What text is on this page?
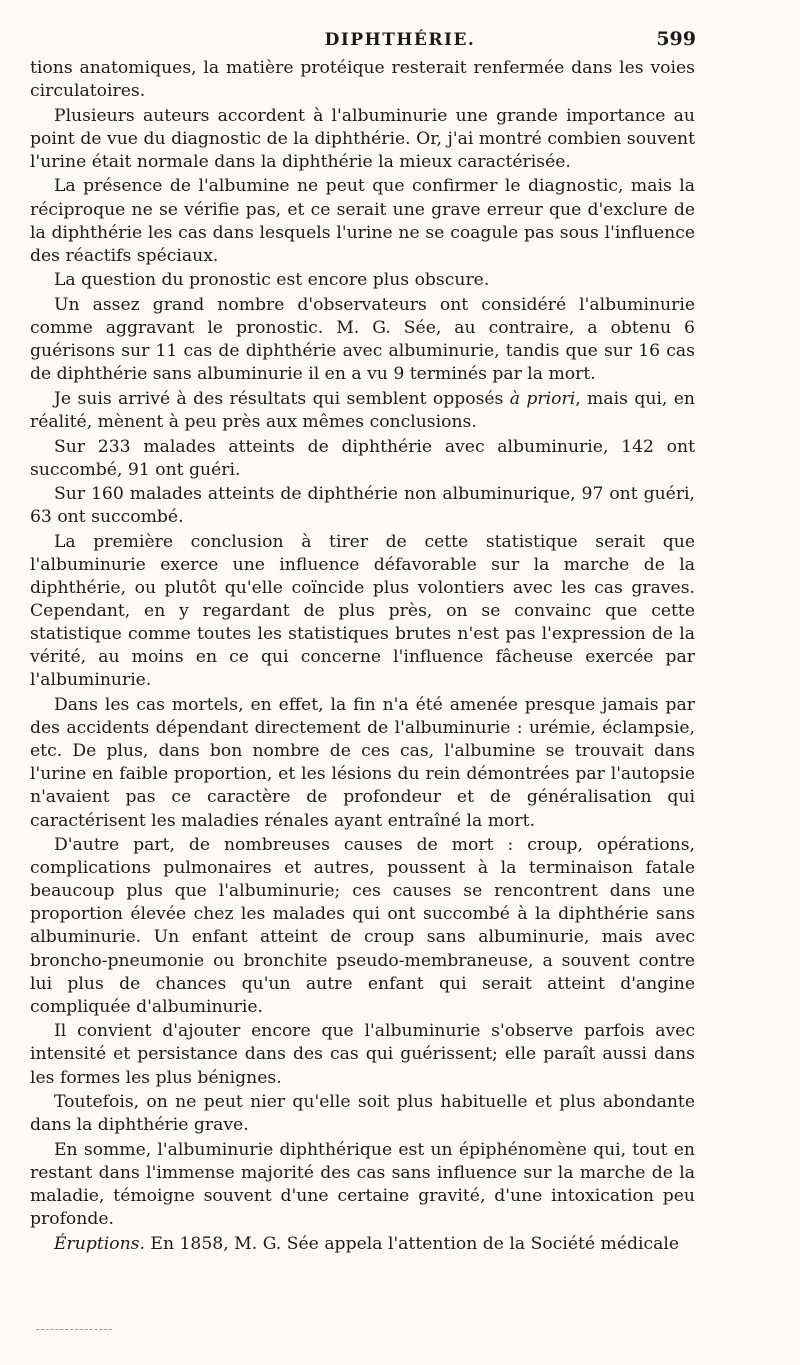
DIPHTHÉRIE.	599

tions anatomiques, la matière protéique resterait renfermée dans les voies circulatoires.

Plusieurs auteurs accordent à l'albuminurie une grande importance au point de vue du diagnostic de la diphthérie. Or, j'ai montré combien souvent l'urine était normale dans la diphthérie la mieux caractérisée.

La présence de l'albumine ne peut que confirmer le diagnostic, mais la réciproque ne se vérifie pas, et ce serait une grave erreur que d'exclure de la diphthérie les cas dans lesquels l'urine ne se coagule pas sous l'influence des réactifs spéciaux.

La question du pronostic est encore plus obscure.

Un assez grand nombre d'observateurs ont considéré l'albuminurie comme aggravant le pronostic. M. G. Sée, au contraire, a obtenu 6 guérisons sur 11 cas de diphthérie avec albuminurie, tandis que sur 16 cas de diphthérie sans albuminurie il en a vu 9 terminés par la mort.

Je suis arrivé à des résultats qui semblent opposés à priori, mais qui, en réalité, mènent à peu près aux mêmes conclusions.

Sur 233 malades atteints de diphthérie avec albuminurie, 142 ont succombé, 91 ont guéri.

Sur 160 malades atteints de diphthérie non albuminurique, 97 ont guéri, 63 ont succombé.

La première conclusion à tirer de cette statistique serait que l'albuminurie exerce une influence défavorable sur la marche de la diphthérie, ou plutôt qu'elle coïncide plus volontiers avec les cas graves. Cependant, en y regardant de plus près, on se convainc que cette statistique comme toutes les statistiques brutes n'est pas l'expression de la vérité, au moins en ce qui concerne l'influence fâcheuse exercée par l'albuminurie.

Dans les cas mortels, en effet, la fin n'a été amenée presque jamais par des accidents dépendant directement de l'albuminurie : urémie, éclampsie, etc. De plus, dans bon nombre de ces cas, l'albumine se trouvait dans l'urine en faible proportion, et les lésions du rein démontrées par l'autopsie n'avaient pas ce caractère de profondeur et de généralisation qui caractérisent les maladies rénales ayant entraîné la mort.

D'autre part, de nombreuses causes de mort : croup, opérations, complications pulmonaires et autres, poussent à la terminaison fatale beaucoup plus que l'albuminurie; ces causes se rencontrent dans une proportion élevée chez les malades qui ont succombé à la diphthérie sans albuminurie. Un enfant atteint de croup sans albuminurie, mais avec broncho-pneumonie ou bronchite pseudo-membraneuse, a souvent contre lui plus de chances qu'un autre enfant qui serait atteint d'angine compliquée d'albuminurie.

Il convient d'ajouter encore que l'albuminurie s'observe parfois avec intensité et persistance dans des cas qui guérissent; elle paraît aussi dans les formes les plus bénignes.

Toutefois, on ne peut nier qu'elle soit plus habituelle et plus abondante dans la diphthérie grave.

En somme, l'albuminurie diphthérique est un épiphénomène qui, tout en restant dans l'immense majorité des cas sans influence sur la marche de la maladie, témoigne souvent d'une certaine gravité, d'une intoxication peu profonde.

Éruptions. En 1858, M. G. Sée appela l'attention de la Société médicale
